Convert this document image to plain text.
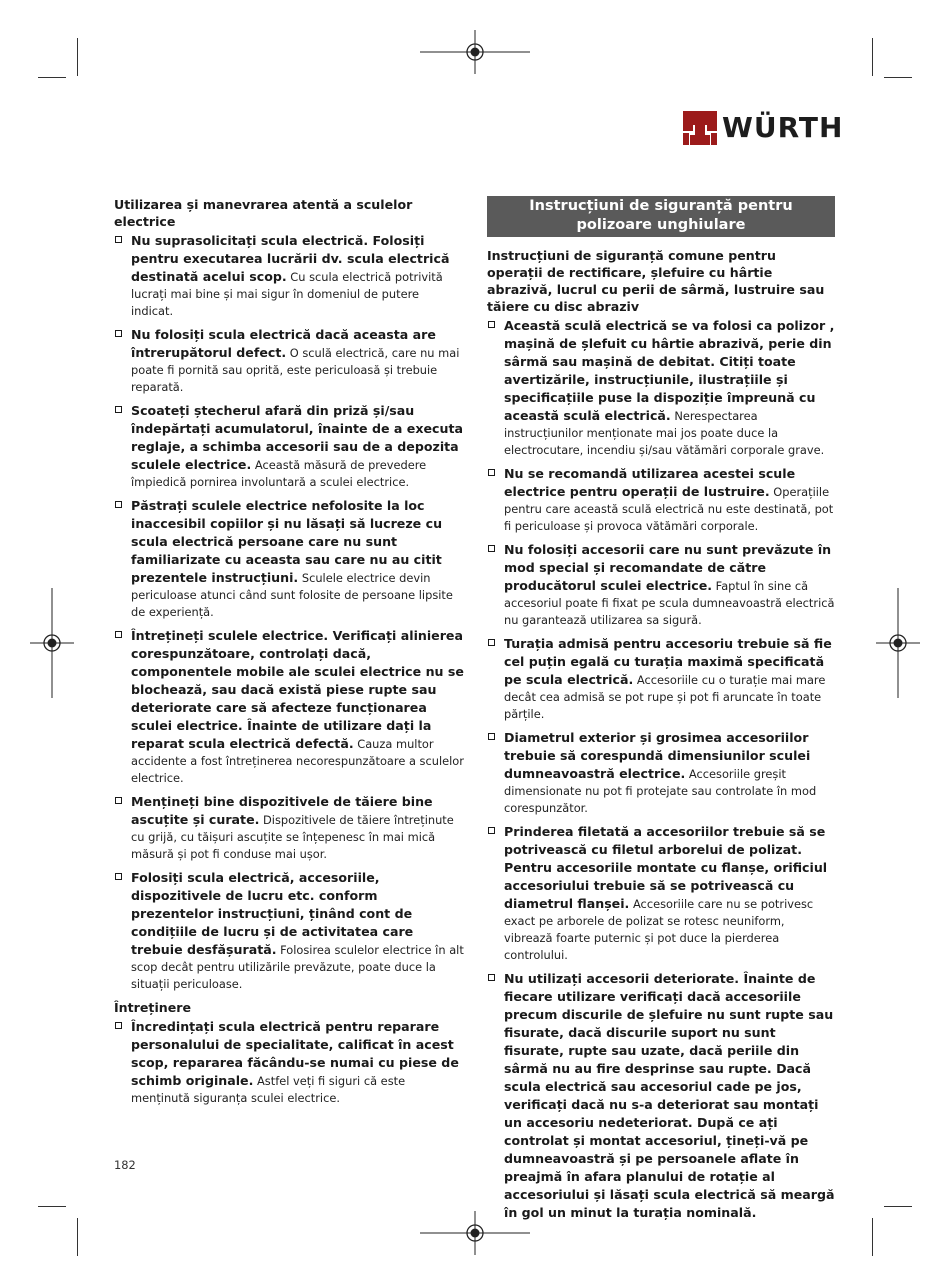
WÜRTH
Utilizarea și manevrarea atentă a sculelor electrice
Nu suprasolicitați scula electrică. Folosiți pentru executarea lucrării dv. scula electrică destinată acelui scop. Cu scula electrică potrivită lucrați mai bine și mai sigur în domeniul de putere indicat.
Nu folosiți scula electrică dacă aceasta are întrerupătorul defect. O sculă electrică, care nu mai poate fi pornită sau oprită, este periculoasă și trebuie reparată.
Scoateți ștecherul afară din priză și/sau îndepărtați acumulatorul, înainte de a executa reglaje, a schimba accesorii sau de a depozita sculele electrice. Această măsură de prevedere împiedică pornirea involuntară a sculei electrice.
Păstrați sculele electrice nefolosite la loc inaccesibil copiilor și nu lăsați să lucreze cu scula electrică persoane care nu sunt familiarizate cu aceasta sau care nu au citit prezentele instrucțiuni. Sculele electrice devin periculoase atunci când sunt folosite de persoane lipsite de experiență.
Întrețineți sculele electrice. Verificați alinierea corespunzătoare, controlați dacă, componentele mobile ale sculei electrice nu se blochează, sau dacă există piese rupte sau deteriorate care să afecteze funcționarea sculei electrice. Înainte de utilizare dați la reparat scula electrică defectă. Cauza multor accidente a fost întreținerea necorespunzătoare a sculelor electrice.
Mențineți bine dispozitivele de tăiere bine ascuțite și curate. Dispozitivele de tăiere întreținute cu grijă, cu tăișuri ascuțite se înțepenesc în mai mică măsură și pot fi conduse mai ușor.
Folosiți scula electrică, accesoriile, dispozitivele de lucru etc. conform prezentelor instrucțiuni, ținând cont de condițiile de lucru și de activitatea care trebuie desfășurată. Folosirea sculelor electrice în alt scop decât pentru utilizările prevăzute, poate duce la situații periculoase.
Întreținere
Încredințați scula electrică pentru reparare personalului de specialitate, calificat în acest scop, repararea făcându-se numai cu piese de schimb originale. Astfel veți fi siguri că este menținută siguranța sculei electrice.
Instrucțiuni de siguranță pentru polizoare unghiulare
Instrucțiuni de siguranță comune pentru operații de rectificare, șlefuire cu hârtie abrazivă, lucrul cu perii de sârmă, lustruire sau tăiere cu disc abraziv
Această sculă electrică se va folosi ca polizor , mașină de șlefuit cu hârtie abrazivă, perie din sârmă sau mașină de debitat. Citiți toate avertizările, instrucțiunile, ilustrațiile și specificațiile puse la dispoziție împreună cu această sculă electrică. Nerespectarea instrucțiunilor menționate mai jos poate duce la electrocutare, incendiu și/sau vătămări corporale grave.
Nu se recomandă utilizarea acestei scule electrice pentru operații de lustruire. Operațiile pentru care această sculă electrică nu este destinată, pot fi periculoase și provoca vătămări corporale.
Nu folosiți accesorii care nu sunt prevăzute în mod special și recomandate de către producătorul sculei electrice. Faptul în sine că accesoriul poate fi fixat pe scula dumneavoastră electrică nu garantează utilizarea sa sigură.
Turația admisă pentru accesoriu trebuie să fie cel puțin egală cu turația maximă specificată pe scula electrică. Accesoriile cu o turație mai mare decât cea admisă se pot rupe și pot fi aruncate în toate părțile.
Diametrul exterior și grosimea accesoriilor trebuie să corespundă dimensiunilor sculei dumneavoastră electrice. Accesoriile greșit dimensionate nu pot fi protejate sau controlate în mod corespunzător.
Prinderea filetată a accesoriilor trebuie să se potrivească cu filetul arborelui de polizat. Pentru accesoriile montate cu flanșe, orificiul accesoriului trebuie să se potrivească cu diametrul flanșei. Accesoriile care nu se potrivesc exact pe arborele de polizat se rotesc neuniform, vibrează foarte puternic și pot duce la pierderea controlului.
Nu utilizați accesorii deteriorate. Înainte de fiecare utilizare verificați dacă accesoriile precum discurile de șlefuire nu sunt rupte sau fisurate, dacă discurile suport nu sunt fisurate, rupte sau uzate, dacă periile din sârmă nu au fire desprinse sau rupte. Dacă scula electrică sau accesoriul cade pe jos, verificați dacă nu s-a deteriorat sau montați un accesoriu nedeteriorat. După ce ați controlat și montat accesoriul, țineți-vă pe dumneavoastră și pe persoanele aflate în preajmă în afara planului de rotație al accesoriului și lăsați scula electrică să meargă în gol un minut la turația nominală.
182
